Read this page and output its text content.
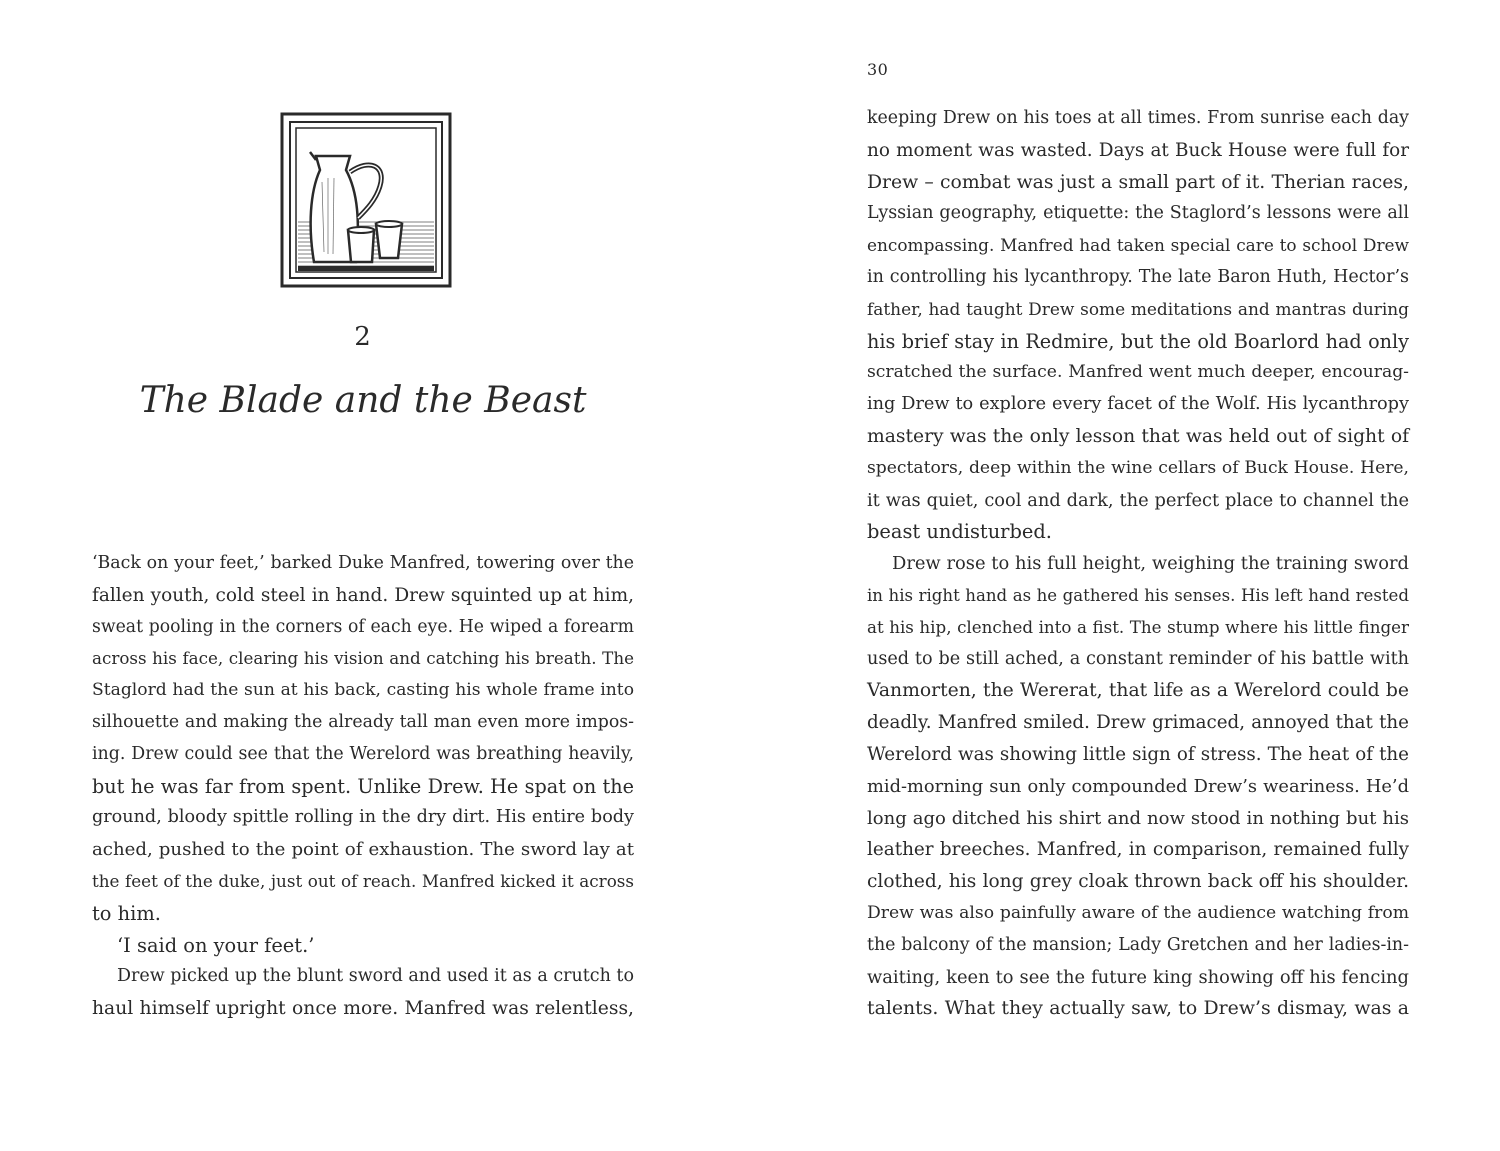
2
The Blade and the Beast

‘Back on your feet,’ barked Duke Manfred, towering over the

fallen youth, cold steel in hand. Drew squinted up at him,

sweat pooling in the corners of each eye. He wiped a forearm

across his face, clearing his vision and catching his breath. The

Staglord had the sun at his back, casting his whole frame into

silhouette and making the already tall man even more impos-

ing. Drew could see that the Werelord was breathing heavily,

but he was far from spent. Unlike Drew. He spat on the

ground, bloody spittle rolling in the dry dirt. His entire body

ached, pushed to the point of exhaustion. The sword lay at

the feet of the duke, just out of reach. Manfred kicked it across

to him.

‘I said on your feet.’

Drew picked up the blunt sword and used it as a crutch to

haul himself upright once more. Manfred was relentless,

30

keeping Drew on his toes at all times. From sunrise each day

no moment was wasted. Days at Buck House were full for

Drew – combat was just a small part of it. Therian races,

Lyssian geography, etiquette: the Staglord’s lessons were all

encompassing. Manfred had taken special care to school Drew

in controlling his lycanthropy. The late Baron Huth, Hector’s

father, had taught Drew some meditations and mantras during

his brief stay in Redmire, but the old Boarlord had only

scratched the surface. Manfred went much deeper, encourag-

ing Drew to explore every facet of the Wolf. His lycanthropy

mastery was the only lesson that was held out of sight of

spectators, deep within the wine cellars of Buck House. Here,

it was quiet, cool and dark, the perfect place to channel the

beast undisturbed.

Drew rose to his full height, weighing the training sword

in his right hand as he gathered his senses. His left hand rested

at his hip, clenched into a fist. The stump where his little finger

used to be still ached, a constant reminder of his battle with

Vanmorten, the Wererat, that life as a Werelord could be

deadly. Manfred smiled. Drew grimaced, annoyed that the

Werelord was showing little sign of stress. The heat of the

mid-morning sun only compounded Drew’s weariness. He’d

long ago ditched his shirt and now stood in nothing but his

leather breeches. Manfred, in comparison, remained fully

clothed, his long grey cloak thrown back off his shoulder.

Drew was also painfully aware of the audience watching from

the balcony of the mansion; Lady Gretchen and her ladies-in-

waiting, keen to see the future king showing off his fencing

talents. What they actually saw, to Drew’s dismay, was a
